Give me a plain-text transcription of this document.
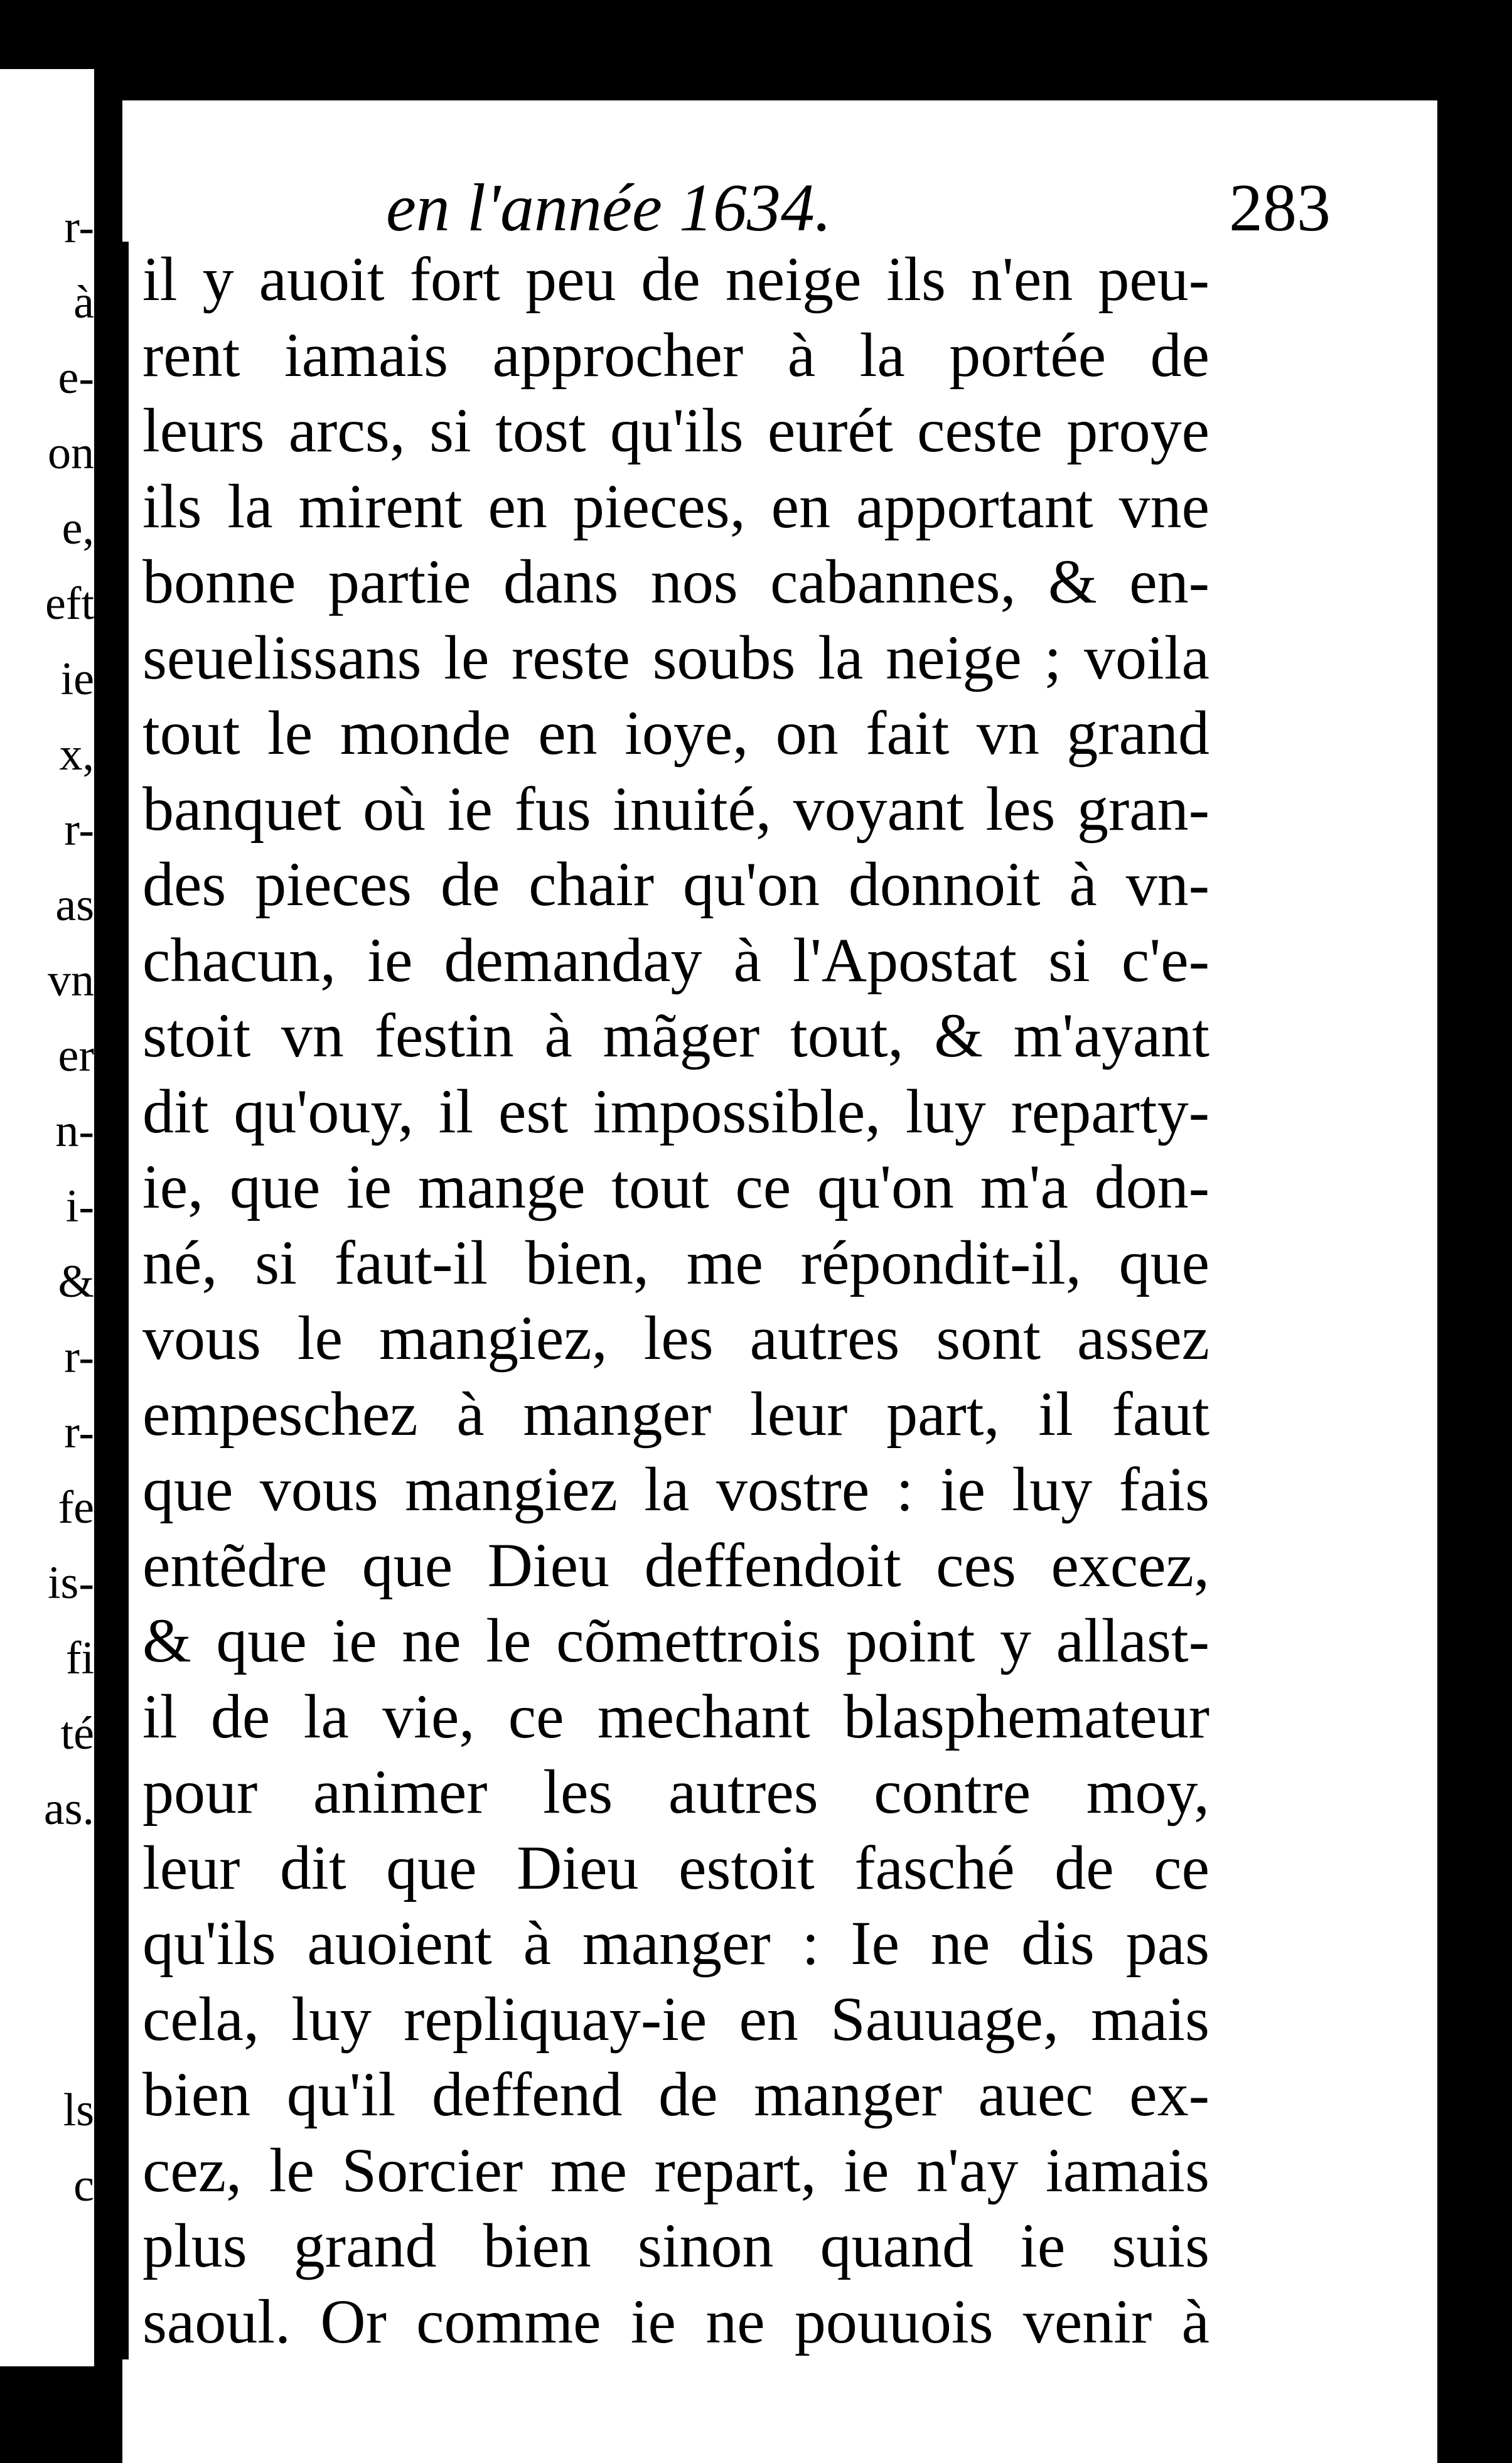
r-
à
e-
on
e,
eft
ie
x,
r-
as
vn
er
n-
i-
&
r-
r-
fe
is-
fi
té
as.
ls
c
en l'année 1634.	283
il y auoit fort peu de neige ils n'en peu-
rent iamais approcher à la portée de
leurs arcs, si tost qu'ils eurét ceste proye
ils la mirent en pieces, en apportant vne
bonne partie dans nos cabannes, & en-
seuelissans le reste soubs la neige ; voila
tout le monde en ioye, on fait vn grand
banquet où ie fus inuité, voyant les gran-
des pieces de chair qu'on donnoit à vn-
chacun, ie demanday à l'Apostat si c'e-
stoit vn festin à mãger tout, & m'ayant
dit qu'ouy, il est impossible, luy reparty-
ie, que ie mange tout ce qu'on m'a don-
né, si faut-il bien, me répondit-il, que
vous le mangiez, les autres sont assez
empeschez à manger leur part, il faut
que vous mangiez la vostre : ie luy fais
entẽdre que Dieu deffendoit ces excez,
& que ie ne le cõmettrois point y allast-
il de la vie, ce mechant blasphemateur
pour animer les autres contre moy,
leur dit que Dieu estoit fasché de ce
qu'ils auoient à manger : Ie ne dis pas
cela, luy repliquay-ie en Sauuage, mais
bien qu'il deffend de manger auec ex-
cez, le Sorcier me repart, ie n'ay iamais
plus grand bien sinon quand ie suis
saoul. Or comme ie ne pouuois venir à
